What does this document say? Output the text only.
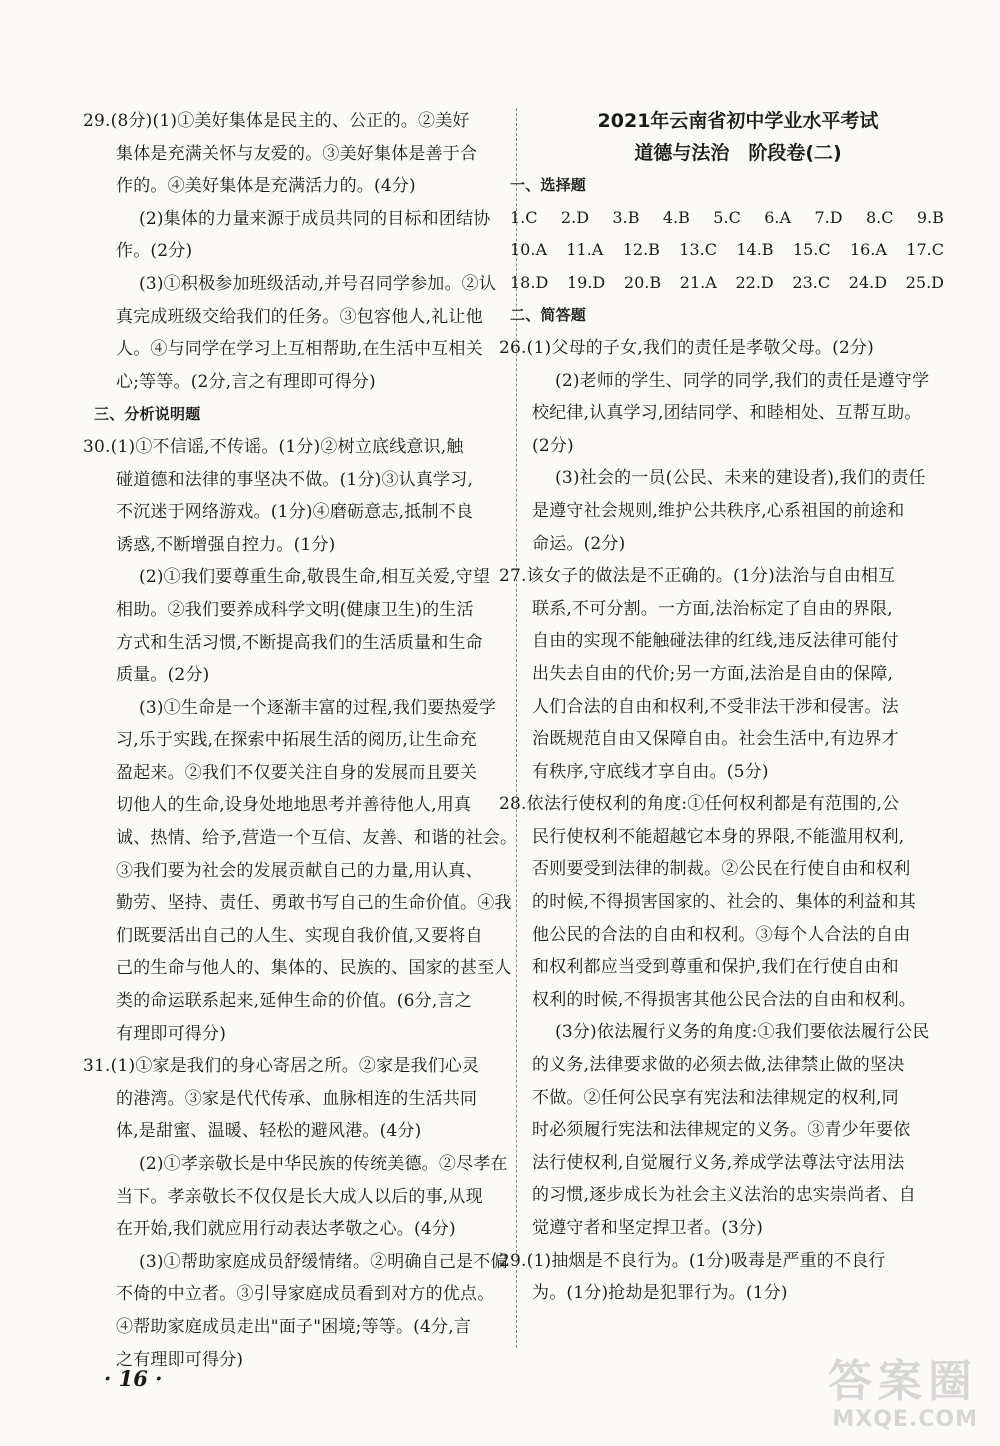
29.(8分)(1)①美好集体是民主的、公正的。②美好
集体是充满关怀与友爱的。③美好集体是善于合
作的。④美好集体是充满活力的。(4分)
(2)集体的力量来源于成员共同的目标和团结协
作。(2分)
(3)①积极参加班级活动,并号召同学参加。②认
真完成班级交给我们的任务。③包容他人,礼让他
人。④与同学在学习上互相帮助,在生活中互相关
心;等等。(2分,言之有理即可得分)
三、分析说明题
30.(1)①不信谣,不传谣。(1分)②树立底线意识,触
碰道德和法律的事坚决不做。(1分)③认真学习,
不沉迷于网络游戏。(1分)④磨砺意志,抵制不良
诱惑,不断增强自控力。(1分)
(2)①我们要尊重生命,敬畏生命,相互关爱,守望
相助。②我们要养成科学文明(健康卫生)的生活
方式和生活习惯,不断提高我们的生活质量和生命
质量。(2分)
(3)①生命是一个逐渐丰富的过程,我们要热爱学
习,乐于实践,在探索中拓展生活的阅历,让生命充
盈起来。②我们不仅要关注自身的发展而且要关
切他人的生命,设身处地地思考并善待他人,用真
诚、热情、给予,营造一个互信、友善、和谐的社会。
③我们要为社会的发展贡献自己的力量,用认真、
勤劳、坚持、责任、勇敢书写自己的生命价值。④我
们既要活出自己的人生、实现自我价值,又要将自
己的生命与他人的、集体的、民族的、国家的甚至人
类的命运联系起来,延伸生命的价值。(6分,言之
有理即可得分)
31.(1)①家是我们的身心寄居之所。②家是我们心灵
的港湾。③家是代代传承、血脉相连的生活共同
体,是甜蜜、温暖、轻松的避风港。(4分)
(2)①孝亲敬长是中华民族的传统美德。②尽孝在
当下。孝亲敬长不仅仅是长大成人以后的事,从现
在开始,我们就应用行动表达孝敬之心。(4分)
(3)①帮助家庭成员舒缓情绪。②明确自己是不偏
不倚的中立者。③引导家庭成员看到对方的优点。
④帮助家庭成员走出"面子"困境;等等。(4分,言
之有理即可得分)
2021年云南省初中学业水平考试
道德与法治　阶段卷(二)
一、选择题
1.C 2.D 3.B 4.B 5.C 6.A 7.D 8.C 9.B
10.A 11.A 12.B 13.C 14.B 15.C 16.A 17.C
18.D 19.D 20.B 21.A 22.D 23.C 24.D 25.D
二、简答题
26.(1)父母的子女,我们的责任是孝敬父母。(2分)
(2)老师的学生、同学的同学,我们的责任是遵守学
校纪律,认真学习,团结同学、和睦相处、互帮互助。
(2分)
(3)社会的一员(公民、未来的建设者),我们的责任
是遵守社会规则,维护公共秩序,心系祖国的前途和
命运。(2分)
27.该女子的做法是不正确的。(1分)法治与自由相互
联系,不可分割。一方面,法治标定了自由的界限,
自由的实现不能触碰法律的红线,违反法律可能付
出失去自由的代价;另一方面,法治是自由的保障,
人们合法的自由和权利,不受非法干涉和侵害。法
治既规范自由又保障自由。社会生活中,有边界才
有秩序,守底线才享自由。(5分)
28.依法行使权利的角度:①任何权利都是有范围的,公
民行使权利不能超越它本身的界限,不能滥用权利,
否则要受到法律的制裁。②公民在行使自由和权利
的时候,不得损害国家的、社会的、集体的利益和其
他公民的合法的自由和权利。③每个人合法的自由
和权利都应当受到尊重和保护,我们在行使自由和
权利的时候,不得损害其他公民合法的自由和权利。
(3分)依法履行义务的角度:①我们要依法履行公民
的义务,法律要求做的必须去做,法律禁止做的坚决
不做。②任何公民享有宪法和法律规定的权利,同
时必须履行宪法和法律规定的义务。③青少年要依
法行使权利,自觉履行义务,养成学法尊法守法用法
的习惯,逐步成长为社会主义法治的忠实崇尚者、自
觉遵守者和坚定捍卫者。(3分)
29.(1)抽烟是不良行为。(1分)吸毒是严重的不良行
为。(1分)抢劫是犯罪行为。(1分)
· 16 ·	答案圈
MXQE.COM
